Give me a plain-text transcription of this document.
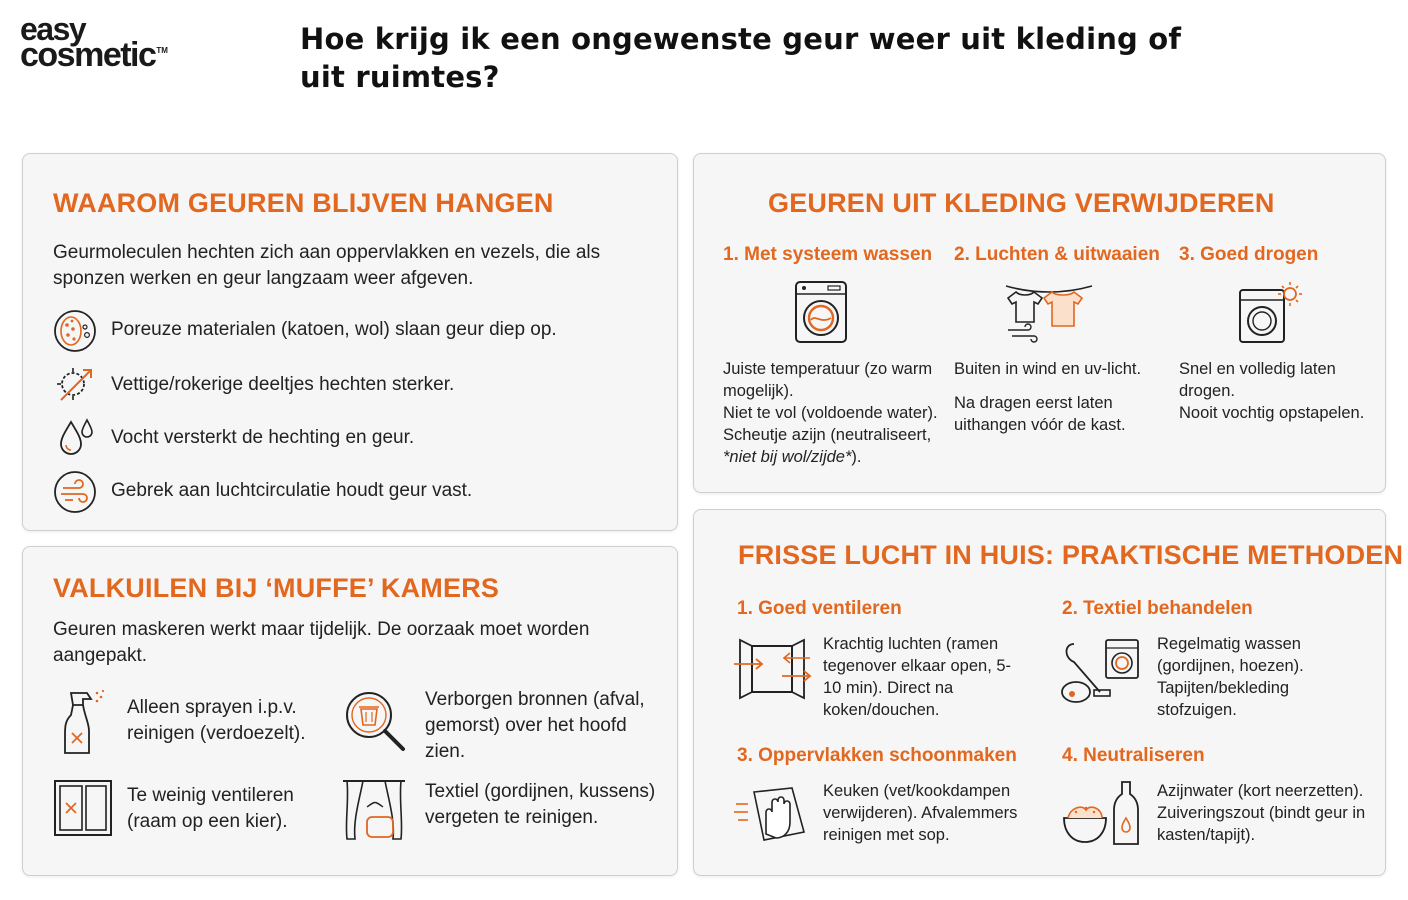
easy
cosmetic™	Hoe krijg ik een ongewenste geur weer uit kleding of uit ruimtes?
WAAROM GEUREN BLIJVEN HANGEN

Geurmoleculen hechten zich aan oppervlakken en vezels, die als sponzen werken en geur langzaam weer afgeven.

Poreuze materialen (katoen, wol) slaan geur diep op.
Vettige/rokerige deeltjes hechten sterker.
Vocht versterkt de hechting en geur.
Gebrek aan luchtcirculatie houdt geur vast.
VALKUILEN BIJ ‘MUFFE’ KAMERS

Geuren maskeren werkt maar tijdelijk. De oorzaak moet worden aangepakt.

Alleen sprayen i.p.v. reinigen (verdoezelt).

Verborgen bronnen (afval, gemorst) over het hoofd zien.

Te weinig ventileren (raam op een kier).

Textiel (gordijnen, kussens) vergeten te reinigen.

GEUREN UIT KLEDING VERWIJDEREN
1. Met systeem wassen
Juiste temperatuur (zo warm mogelijk).
Niet te vol (voldoende water).
Scheutje azijn (neutraliseert,
*niet bij wol/zijde*).
2. Luchten & uitwaaien
Buiten in wind en uv-licht.
Na dragen eerst laten uithangen vóór de kast.
3. Goed drogen
Snel en volledig laten drogen.
Nooit vochtig opstapelen.
FRISSE LUCHT IN HUIS: PRAKTISCHE METHODEN
1. Goed ventileren

Krachtig luchten (ramen tegenover elkaar open, 5-10 min). Direct na koken/douchen.

2. Textiel behandelen

Regelmatig wassen (gordijnen, hoezen). Tapijten/bekleding stofzuigen.

3. Oppervlakken schoonmaken

Keuken (vet/kookdampen verwijderen). Afvalemmers reinigen met sop.

4. Neutraliseren

Azijnwater (kort neerzetten). Zuiveringszout (bindt geur in kasten/tapijt).
